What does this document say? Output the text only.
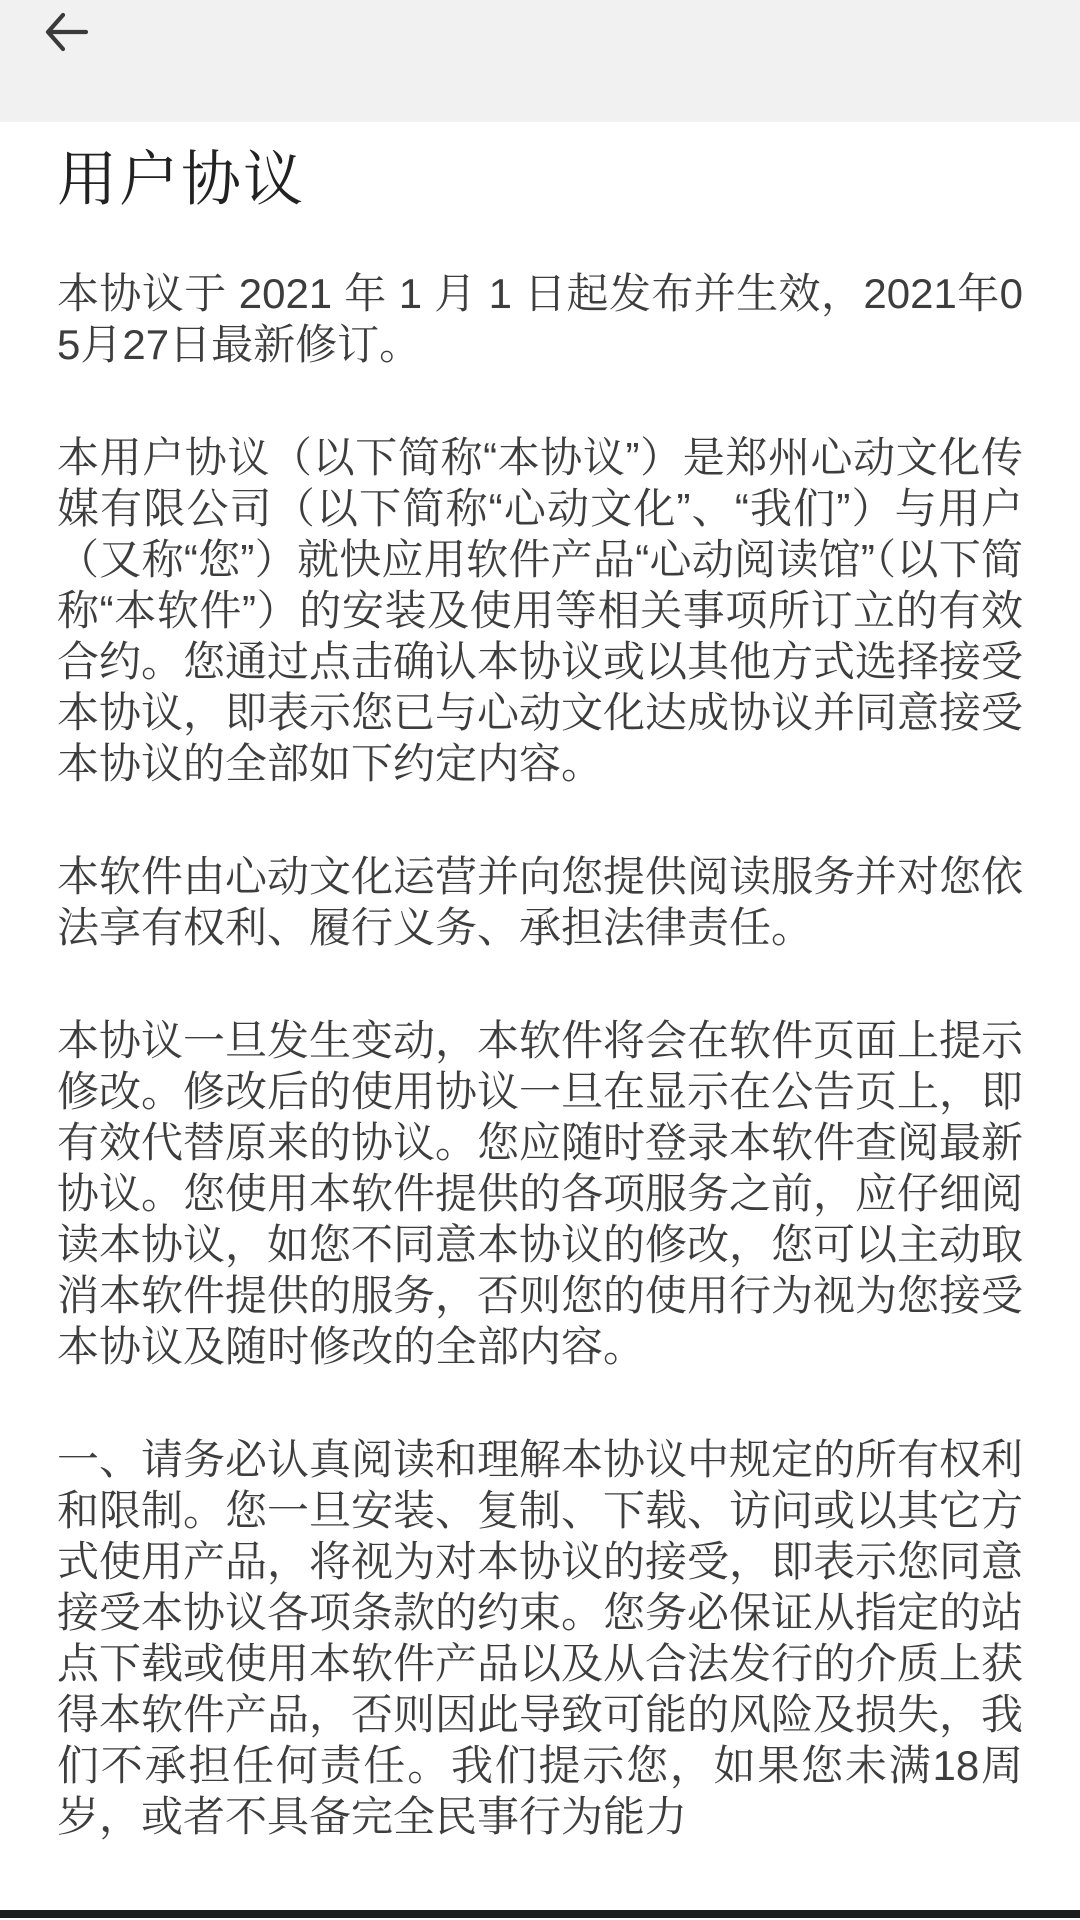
用户协议

本协议于 2021 年 1 月 1 日起发布并生效，2021年05月27日最新修订。

本用户协议（以下简称“本协议”）是郑州心动文化传媒有限公司（以下简称“心动文化”、“我们”）与用户（又称“您”）就快应用软件产品“心动阅读馆”（以下简称“本软件”）的安装及使用等相关事项所订立的有效合约。您通过点击确认本协议或以其他方式选择接受本协议，即表示您已与心动文化达成协议并同意接受本协议的全部如下约定内容。

本软件由心动文化运营并向您提供阅读服务并对您依法享有权利、履行义务、承担法律责任。

本协议一旦发生变动，本软件将会在软件页面上提示修改。修改后的使用协议一旦在显示在公告页上，即有效代替原来的协议。您应随时登录本软件查阅最新协议。您使用本软件提供的各项服务之前，应仔细阅读本协议，如您不同意本协议的修改，您可以主动取消本软件提供的服务，否则您的使用行为视为您接受本协议及随时修改的全部内容。

一、请务必认真阅读和理解本协议中规定的所有权利和限制。您一旦安装、复制、下载、访问或以其它方式使用产品，将视为对本协议的接受，即表示您同意接受本协议各项条款的约束。您务必保证从指定的站点下载或使用本软件产品以及从合法发行的介质上获得本软件产品，否则因此导致可能的风险及损失，我们不承担任何责任。我们提示您，如果您未满18周岁，或者不具备完全民事行为能力
